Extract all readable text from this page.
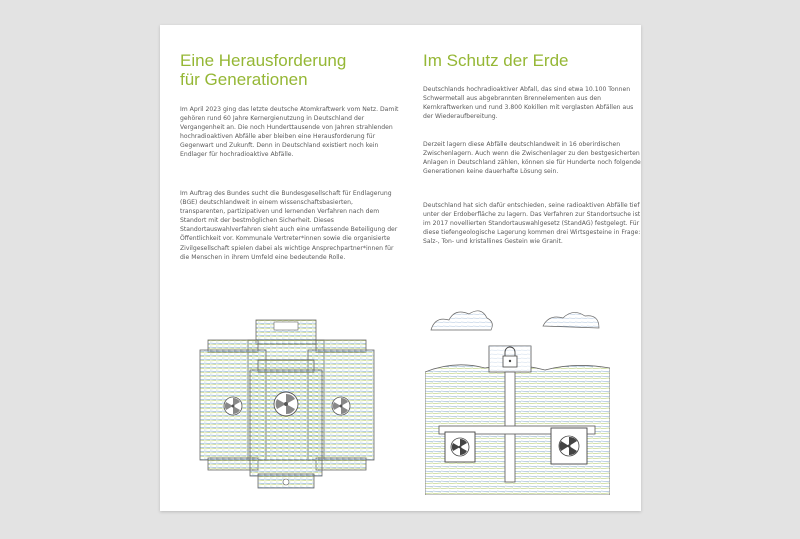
Eine Herausforderung
für Generationen

Im April 2023 ging das letzte deutsche Atomkraftwerk vom Netz. Damit gehören rund 60 Jahre Kernergienutzung in Deutschland der Vergangenheit an. Die noch Hunderttausende von Jahren strahlenden hochradioaktiven Abfälle aber bleiben eine Herausforderung für Gegenwart und Zukunft. Denn in Deutschland existiert noch kein Endlager für hochradioaktive Abfälle.

Im Auftrag des Bundes sucht die Bundesgesellschaft für Endlagerung (BGE) deutschlandweit in einem wissenschaftsbasierten, transparenten, partizipativen und lernenden Verfahren nach dem Standort mit der bestmöglichen Sicherheit. Dieses Standortauswahlverfahren sieht auch eine umfassende Beteiligung der Öffentlichkeit vor. Kommunale Vertreter*innen sowie die organisierte Zivilgesellschaft spielen dabei als wichtige Ansprechpartner*innen für die Menschen in ihrem Umfeld eine bedeutende Rolle.

Im Schutz der Erde

Deutschlands hochradioaktiver Abfall, das sind etwa 10.100 Tonnen Schwermetall aus abgebrannten Brennelementen aus den Kernkraftwerken und rund 3.800 Kokillen mit verglasten Abfällen aus der Wiederaufbereitung.

Derzeit lagern diese Abfälle deutschlandweit in 16 oberirdischen Zwischenlagern. Auch wenn die Zwischenlager zu den bestgesicherten Anlagen in Deutschland zählen, können sie für Hunderte noch folgende Generationen keine dauerhafte Lösung sein.

Deutschland hat sich dafür entschieden, seine radioaktiven Abfälle tief unter der Erdoberfläche zu lagern. Das Verfahren zur Standortsuche ist im 2017 novellierten Standortauswahlgesetz (StandAG) festgelegt. Für diese tiefengeologische Lagerung kommen drei Wirtsgesteine in Frage: Salz-, Ton- und kristallines Gestein wie Granit.
